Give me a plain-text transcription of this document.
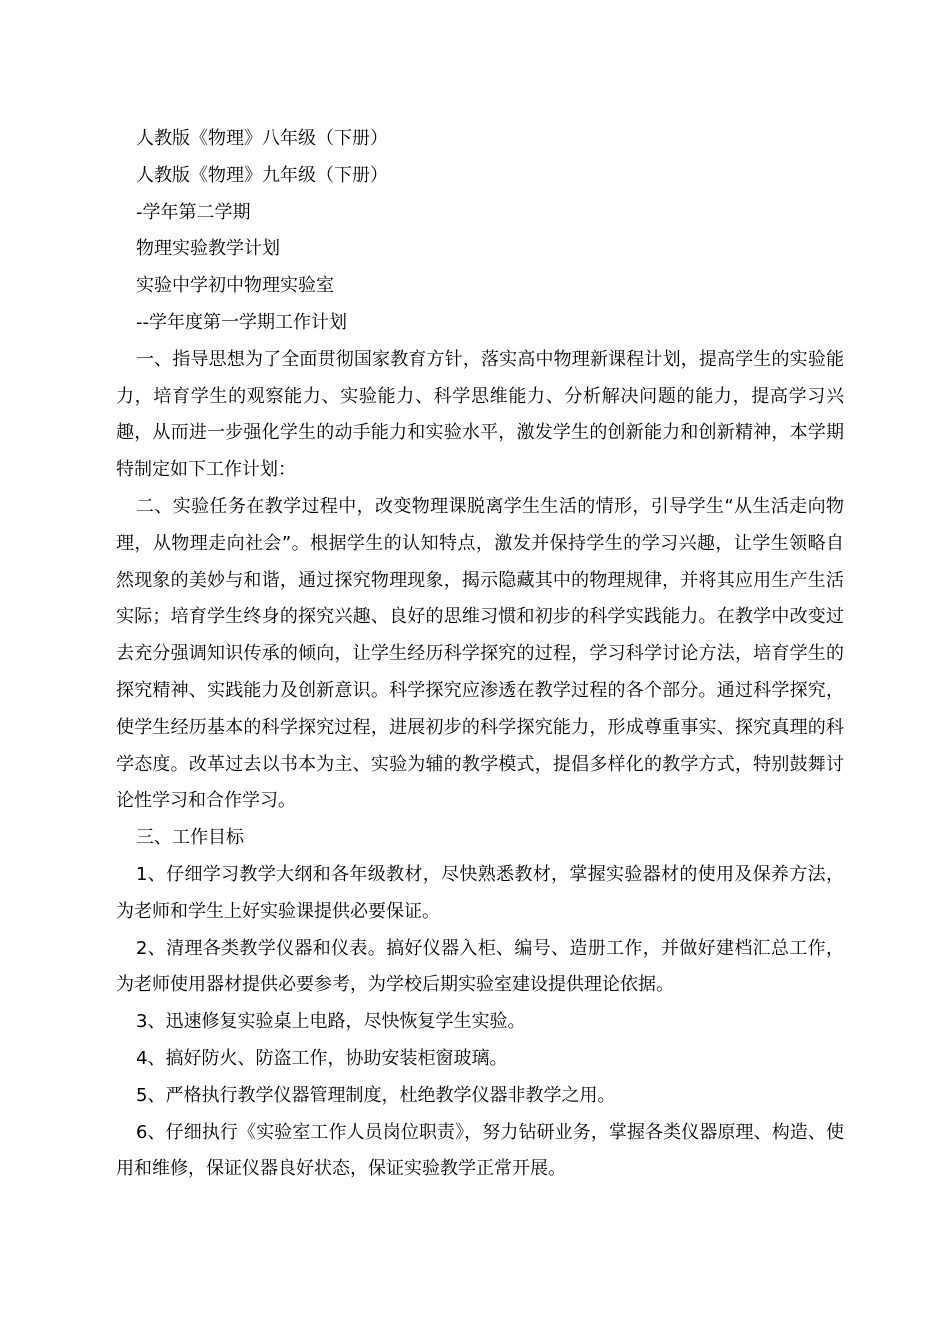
人教版《物理》八年级（下册）
人教版《物理》九年级（下册）
-学年第二学期
物理实验教学计划
实验中学初中物理实验室
--学年度第一学期工作计划

一、指导思想为了全面贯彻国家教育方针，落实高中物理新课程计划，提高学生的实验能力，培育学生的观察能力、实验能力、科学思维能力、分析解决问题的能力，提高学习兴趣，从而进一步强化学生的动手能力和实验水平，激发学生的创新能力和创新精神，本学期特制定如下工作计划：

二、实验任务在教学过程中，改变物理课脱离学生生活的情形，引导学生“从生活走向物理，从物理走向社会”。根据学生的认知特点，激发并保持学生的学习兴趣，让学生领略自然现象的美妙与和谐，通过探究物理现象，揭示隐藏其中的物理规律，并将其应用生产生活实际；培育学生终身的探究兴趣、良好的思维习惯和初步的科学实践能力。在教学中改变过去充分强调知识传承的倾向，让学生经历科学探究的过程，学习科学讨论方法，培育学生的探究精神、实践能力及创新意识。科学探究应渗透在教学过程的各个部分。通过科学探究，使学生经历基本的科学探究过程，进展初步的科学探究能力，形成尊重事实、探究真理的科学态度。改革过去以书本为主、实验为辅的教学模式，提倡多样化的教学方式，特别鼓舞讨论性学习和合作学习。

三、工作目标

1、仔细学习教学大纲和各年级教材，尽快熟悉教材，掌握实验器材的使用及保养方法，为老师和学生上好实验课提供必要保证。

2、清理各类教学仪器和仪表。搞好仪器入柜、编号、造册工作，并做好建档汇总工作，为老师使用器材提供必要参考，为学校后期实验室建设提供理论依据。

3、迅速修复实验桌上电路，尽快恢复学生实验。

4、搞好防火、防盗工作，协助安装柜窗玻璃。

5、严格执行教学仪器管理制度，杜绝教学仪器非教学之用。

6、仔细执行《实验室工作人员岗位职责》，努力钻研业务，掌握各类仪器原理、构造、使用和维修，保证仪器良好状态，保证实验教学正常开展。
